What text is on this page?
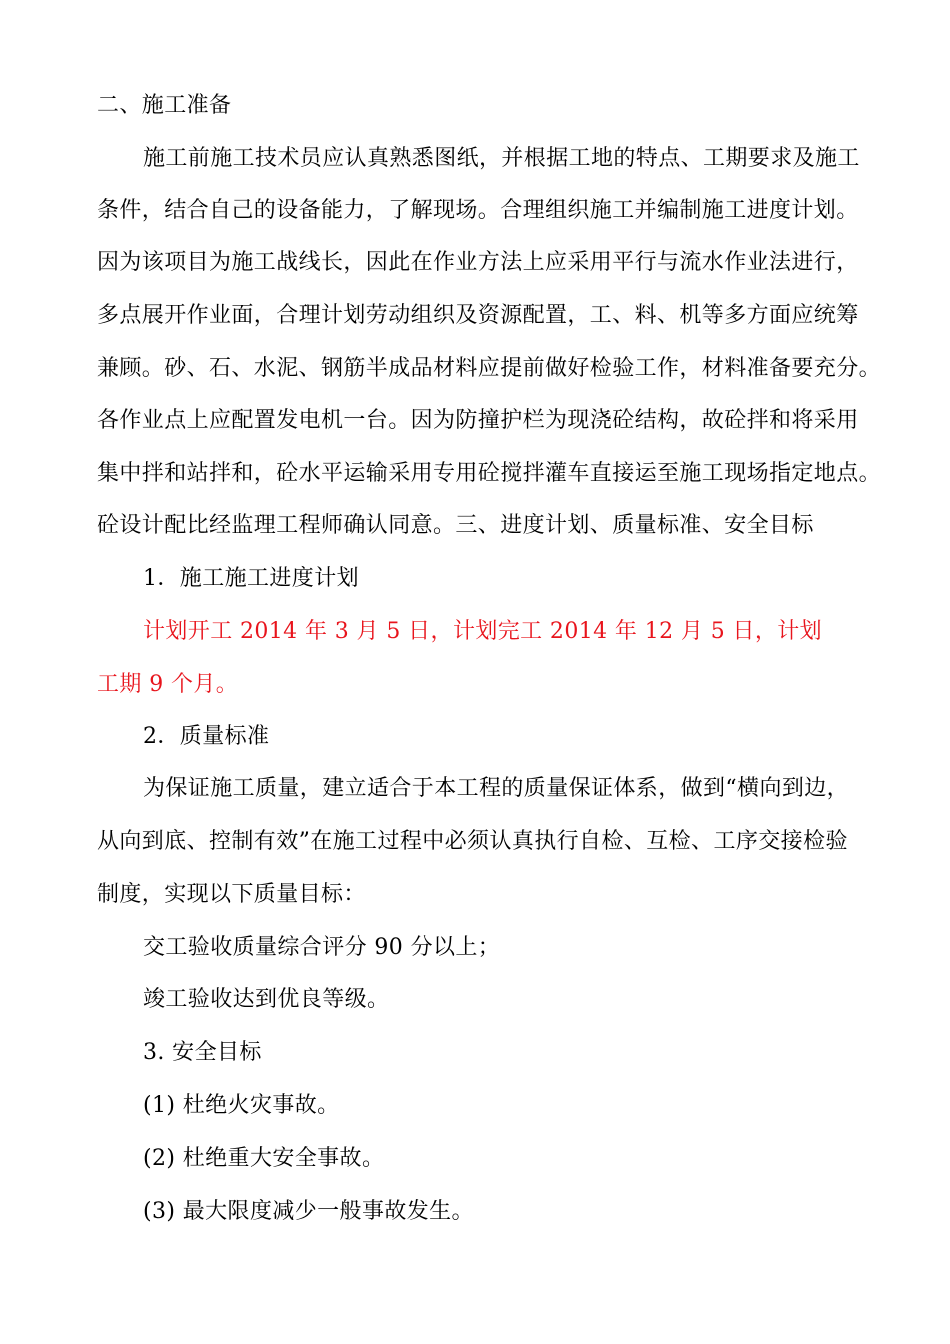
二、施工准备
施工前施工技术员应认真熟悉图纸，并根据工地的特点、工期要求及施工
条件，结合自己的设备能力，了解现场。合理组织施工并编制施工进度计划。
因为该项目为施工战线长，因此在作业方法上应采用平行与流水作业法进行，
多点展开作业面，合理计划劳动组织及资源配置，工、料、机等多方面应统筹
兼顾。砂、石、水泥、钢筋半成品材料应提前做好检验工作，材料准备要充分。
各作业点上应配置发电机一台。因为防撞护栏为现浇砼结构，故砼拌和将采用
集中拌和站拌和，砼水平运输采用专用砼搅拌灌车直接运至施工现场指定地点。
砼设计配比经监理工程师确认同意。三、进度计划、质量标准、安全目标
1．施工施工进度计划
计划开工 2014 年 3 月 5 日，计划完工 2014 年 12 月 5 日，计划
工期 9 个月。
2．质量标准
为保证施工质量，建立适合于本工程的质量保证体系，做到“横向到边，
从向到底、控制有效”在施工过程中必须认真执行自检、互检、工序交接检验
制度，实现以下质量目标：
交工验收质量综合评分 90 分以上；
竣工验收达到优良等级。
3. 安全目标
(1) 杜绝火灾事故。
(2) 杜绝重大安全事故。
(3) 最大限度减少一般事故发生。
